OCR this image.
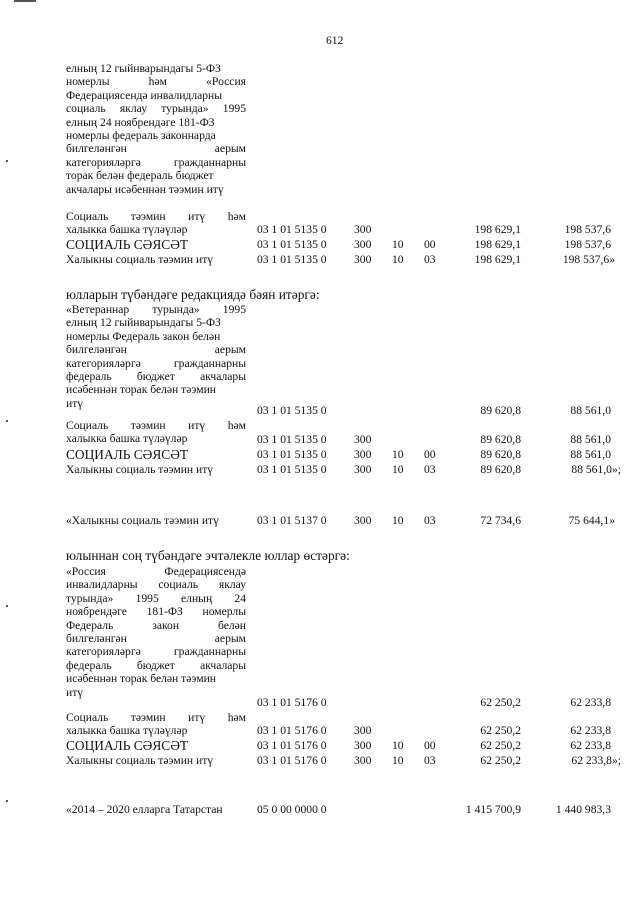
612
елның 12 гыйнварындагы 5-ФЗ
номерлы һәм «Россия
Федерациясендә инвалидларны
социаль яклау турында» 1995
елның 24 ноябрендәге 181-ФЗ
номерлы федераль законнарда
билгеләнгән аерым
категорияләргә гражданнарны
торак белән федераль бюджет
акчалары исәбеннән тәэмин итү
Социаль тәэмин итү һәм
халыкка башка түләүләр	03 1 01 5135 0 300	198 629,1	198 537,6
СОЦИАЛЬ СӘЯСӘТ	03 1 01 5135 0 300 10 00	198 629,1	198 537,6
Халыкны социаль тәэмин итү	03 1 01 5135 0 300 10 03	198 629,1	198 537,6»
юлларын түбәндәге редакциядә бәян итәргә:
«Ветераннар турында» 1995
елның 12 гыйнварындагы 5-ФЗ
номерлы Федераль закон белән
билгеләнгән аерым
категорияләргә гражданнарны
федераль бюджет акчалары
исәбеннән торак белән тәэмин
итү
03 1 01 5135 0	89 620,8	88 561,0
Социаль тәэмин итү һәм
халыкка башка түләүләр	03 1 01 5135 0 300	89 620,8	88 561,0
СОЦИАЛЬ СӘЯСӘТ	03 1 01 5135 0 300 10 00	89 620,8	88 561,0
Халыкны социаль тәэмин итү	03 1 01 5135 0 300 10 03	89 620,8	88 561,0»;
«Халыкны социаль тәэмин итү	03 1 01 5137 0 300 10 03	72 734,6	75 644,1»
юлыннан соң түбәндәге эчтәлекле юллар өстәргә:
«Россия Федерациясендә
инвалидларны социаль яклау
турында» 1995 елның 24
ноябрендәге 181-ФЗ номерлы
Федераль закон белән
билгеләнгән аерым
категорияләргә гражданнарны
федераль бюджет акчалары
исәбеннән торак белән тәэмин
итү
03 1 01 5176 0	62 250,2	62 233,8
Социаль тәэмин итү һәм
халыкка башка түләүләр	03 1 01 5176 0 300	62 250,2	62 233,8
СОЦИАЛЬ СӘЯСӘТ	03 1 01 5176 0 300 10 00	62 250,2	62 233,8
Халыкны социаль тәэмин итү	03 1 01 5176 0 300 10 03	62 250,2	62 233,8»;
«2014 – 2020 елларга Татарстан	05 0 00 0000 0	1 415 700,9	1 440 983,3
